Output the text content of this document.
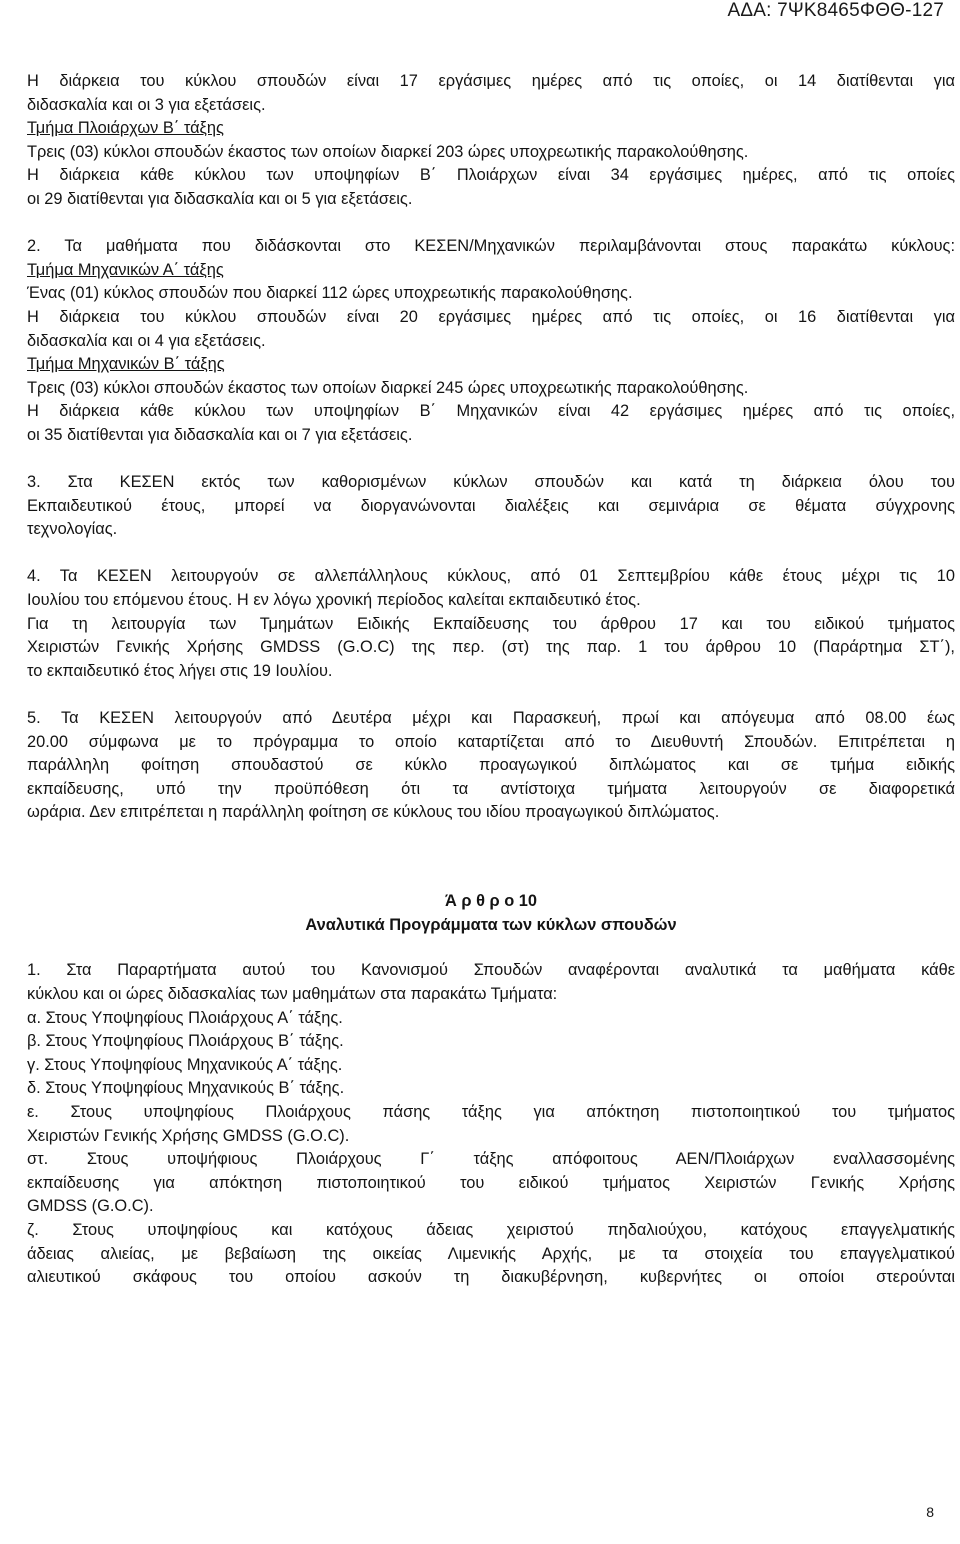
ΑΔΑ: 7ΨΚ8465ΦΘΘ-127

Η διάρκεια του κύκλου σπουδών είναι 17 εργάσιμες ημέρες από τις οποίες, οι 14 διατίθενται για

διδασκαλία και οι 3 για εξετάσεις.

Τμήμα Πλοιάρχων Β΄ τάξης

Τρεις (03) κύκλοι σπουδών έκαστος των οποίων διαρκεί 203 ώρες υποχρεωτικής παρακολούθησης.

Η διάρκεια κάθε κύκλου των υποψηφίων Β΄ Πλοιάρχων είναι 34 εργάσιμες ημέρες, από τις οποίες

οι 29 διατίθενται για διδασκαλία και οι 5 για εξετάσεις.

2. Τα μαθήματα που διδάσκονται στο ΚΕΣΕΝ/Μηχανικών περιλαμβάνονται στους παρακάτω κύκλους:

Τμήμα Μηχανικών Α΄ τάξης

Ένας (01) κύκλος σπουδών που διαρκεί 112 ώρες υποχρεωτικής παρακολούθησης.

Η διάρκεια του κύκλου σπουδών είναι 20 εργάσιμες ημέρες από τις οποίες, οι 16 διατίθενται για

διδασκαλία και οι 4 για εξετάσεις.

Τμήμα Μηχανικών Β΄ τάξης

Τρεις (03) κύκλοι σπουδών έκαστος των οποίων διαρκεί 245 ώρες υποχρεωτικής παρακολούθησης.

Η διάρκεια κάθε κύκλου των υποψηφίων Β΄ Μηχανικών είναι 42 εργάσιμες ημέρες από τις οποίες,

οι 35 διατίθενται για διδασκαλία και οι 7 για εξετάσεις.

3. Στα ΚΕΣΕΝ εκτός των καθορισμένων κύκλων σπουδών και κατά τη διάρκεια όλου του

Εκπαιδευτικού έτους, μπορεί να διοργανώνονται διαλέξεις και σεμινάρια σε θέματα σύγχρονης

τεχνολογίας.

4. Τα ΚΕΣΕΝ λειτουργούν σε αλλεπάλληλους κύκλους, από 01 Σεπτεμβρίου κάθε έτους μέχρι τις 10

Ιουλίου του επόμενου έτους. Η εν λόγω χρονική περίοδος καλείται εκπαιδευτικό έτος.

Για τη λειτουργία των Τμημάτων Ειδικής Εκπαίδευσης του άρθρου 17 και του ειδικού τμήματος

Χειριστών Γενικής Χρήσης GMDSS (G.O.C) της περ. (στ) της παρ. 1 του άρθρου 10 (Παράρτημα ΣΤ΄),

το εκπαιδευτικό έτος λήγει στις 19 Ιουλίου.

5. Τα ΚΕΣΕΝ λειτουργούν από Δευτέρα μέχρι και Παρασκευή, πρωί και απόγευμα από 08.00 έως

20.00 σύμφωνα με το πρόγραμμα το οποίο καταρτίζεται από το Διευθυντή Σπουδών. Επιτρέπεται η

παράλληλη φοίτηση σπουδαστού σε κύκλο προαγωγικού διπλώματος και σε τμήμα ειδικής

εκπαίδευσης, υπό την προϋπόθεση ότι τα αντίστοιχα τμήματα λειτουργούν σε διαφορετικά

ωράρια. Δεν επιτρέπεται η παράλληλη φοίτηση σε κύκλους του ιδίου προαγωγικού διπλώματος.

Ά ρ θ ρ ο 10

Αναλυτικά Προγράμματα των κύκλων σπουδών

1. Στα Παραρτήματα αυτού του Κανονισμού Σπουδών αναφέρονται αναλυτικά τα μαθήματα κάθε

κύκλου και οι ώρες διδασκαλίας των μαθημάτων στα παρακάτω Τμήματα:

α. Στους Υποψηφίους Πλοιάρχους Α΄ τάξης.

β. Στους Υποψηφίους Πλοιάρχους Β΄ τάξης.

γ. Στους Υποψηφίους Μηχανικούς Α΄ τάξης.

δ. Στους Υποψηφίους Μηχανικούς Β΄ τάξης.

ε. Στους υποψηφίους Πλοιάρχους πάσης τάξης για απόκτηση πιστοποιητικού του τμήματος

Χειριστών Γενικής Χρήσης GMDSS (G.O.C).

στ. Στους υποψήφιους Πλοιάρχους Γ΄ τάξης απόφοιτους ΑΕΝ/Πλοιάρχων εναλλασσομένης

εκπαίδευσης για απόκτηση πιστοποιητικού του ειδικού τμήματος Χειριστών Γενικής Χρήσης

GMDSS (G.O.C).

ζ. Στους υποψηφίους και κατόχους άδειας χειριστού πηδαλιούχου, κατόχους επαγγελματικής

άδειας αλιείας, με βεβαίωση της οικείας Λιμενικής Αρχής, με τα στοιχεία του επαγγελματικού

αλιευτικού σκάφους του οποίου ασκούν τη διακυβέρνηση, κυβερνήτες οι οποίοι στερούνται

8
